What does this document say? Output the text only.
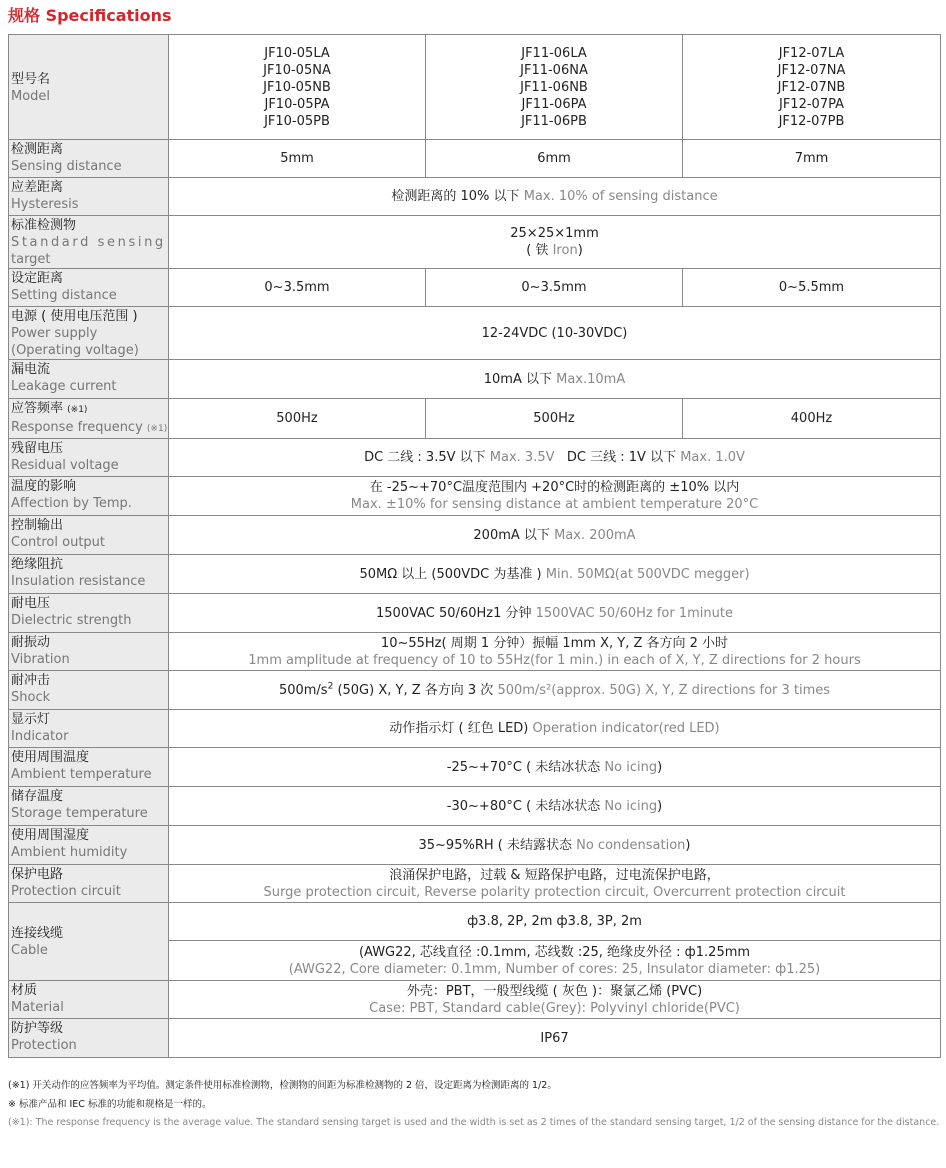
规格 Specifications
型号名
Model	JF10-05LA
JF10-05NA
JF10-05NB
JF10-05PA
JF10-05PB	JF11-06LA
JF11-06NA
JF11-06NB
JF11-06PA
JF11-06PB	JF12-07LA
JF12-07NA
JF12-07NB
JF12-07PA
JF12-07PB

检测距离
Sensing distance	5mm	6mm	7mm

应差距离
Hysteresis	检测距离的 10% 以下 Max. 10% of sensing distance		

标准检测物
Standard sensing
target	25×25×1mm
( 铁 Iron)		

设定距离
Setting distance	0~3.5mm	0~3.5mm	0~5.5mm

电源 ( 使用电压范围 )
Power supply
(Operating voltage)	12-24VDC (10-30VDC)		

漏电流
Leakage current	10mA 以下 Max.10mA		

应答频率 (※1)
Response frequency (※1)	500Hz	500Hz	400Hz

残留电压
Residual voltage	DC 二线 : 3.5V 以下 Max. 3.5V DC 三线 : 1V 以下 Max. 1.0V		

温度的影响
Affection by Temp.	在 -25~+70°C温度范围内 +20°C时的检测距离的 ±10% 以内
Max. ±10% for sensing distance at ambient temperature 20°C		

控制输出
Control output	200mA 以下 Max. 200mA		

绝缘阻抗
Insulation resistance	50MΩ 以上 (500VDC 为基准 ) Min. 50MΩ(at 500VDC megger)		

耐电压
Dielectric strength	1500VAC 50/60Hz1 分钟 1500VAC 50/60Hz for 1minute		

耐振动
Vibration	10~55Hz( 周期 1 分钟）振幅 1mm X, Y, Z 各方向 2 小时
1mm amplitude at frequency of 10 to 55Hz(for 1 min.) in each of X, Y, Z directions for 2 hours		

耐冲击
Shock	$500m/s^2$ (50G) X, Y, Z 各方向 3 次 500m/s²(approx. 50G) X, Y, Z directions for 3 times		

显示灯
Indicator	动作指示灯 ( 红色 LED) Operation indicator(red LED)		

使用周围温度
Ambient temperature	-25~+70°C ( 未结冰状态 No icing)		

储存温度
Storage temperature	-30~+80°C ( 未结冰状态 No icing)		

使用周围湿度
Ambient humidity	35~95%RH ( 未结露状态 No condensation)		

保护电路
Protection circuit	浪涌保护电路，过载 & 短路保护电路，过电流保护电路，
Surge protection circuit, Reverse polarity protection circuit, Overcurrent protection circuit		

连接线缆
Cable	ф3.8, 2P, 2m ф3.8, 3P, 2m		

	(AWG22, 芯线直径 :0.1mm, 芯线数 :25, 绝缘皮外径 : ф1.25mm
(AWG22, Core diameter: 0.1mm, Number of cores: 25, Insulator diameter: ф1.25)		

材质
Material	外壳：PBT，一般型线缆 ( 灰色 )：聚氯乙烯 (PVC)
Case: PBT, Standard cable(Grey): Polyvinyl chloride(PVC)		

防护等级
Protection	IP67		
(※1) 开关动作的应答频率为平均值。测定条件使用标准检测物，检测物的间距为标准检测物的 2 倍，设定距离为检测距离的 1/2。
※ 标准产品和 IEC 标准的功能和规格是一样的。
(※1): The response frequency is the average value. The standard sensing target is used and the width is set as 2 times of the standard sensing target, 1/2 of the sensing distance for the distance.
